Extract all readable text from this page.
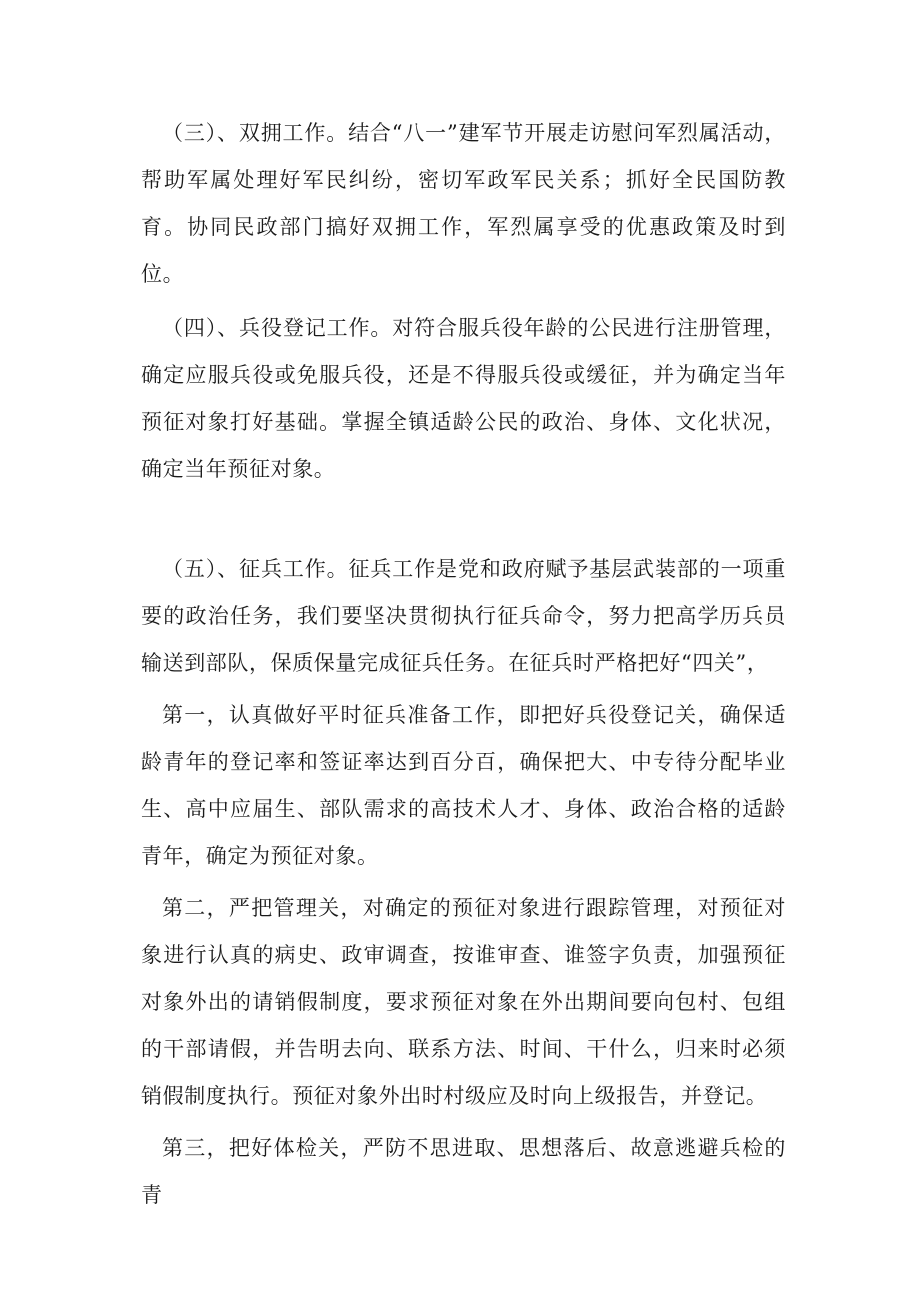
（三）、双拥工作。结合“八一”建军节开展走访慰问军烈属活动，帮助军属处理好军民纠纷，密切军政军民关系；抓好全民国防教育。协同民政部门搞好双拥工作，军烈属享受的优惠政策及时到位。

（四）、兵役登记工作。对符合服兵役年龄的公民进行注册管理，确定应服兵役或免服兵役，还是不得服兵役或缓征，并为确定当年预征对象打好基础。掌握全镇适龄公民的政治、身体、文化状况，确定当年预征对象。

（五）、征兵工作。征兵工作是党和政府赋予基层武装部的一项重要的政治任务，我们要坚决贯彻执行征兵命令，努力把高学历兵员输送到部队，保质保量完成征兵任务。在征兵时严格把好“四关”，

第一，认真做好平时征兵准备工作，即把好兵役登记关，确保适龄青年的登记率和签证率达到百分百，确保把大、中专待分配毕业生、高中应届生、部队需求的高技术人才、身体、政治合格的适龄青年，确定为预征对象。

第二，严把管理关，对确定的预征对象进行跟踪管理，对预征对象进行认真的病史、政审调查，按谁审查、谁签字负责，加强预征对象外出的请销假制度，要求预征对象在外出期间要向包村、包组的干部请假，并告明去向、联系方法、时间、干什么，归来时必须销假制度执行。预征对象外出时村级应及时向上级报告，并登记。

第三，把好体检关，严防不思进取、思想落后、故意逃避兵检的青
